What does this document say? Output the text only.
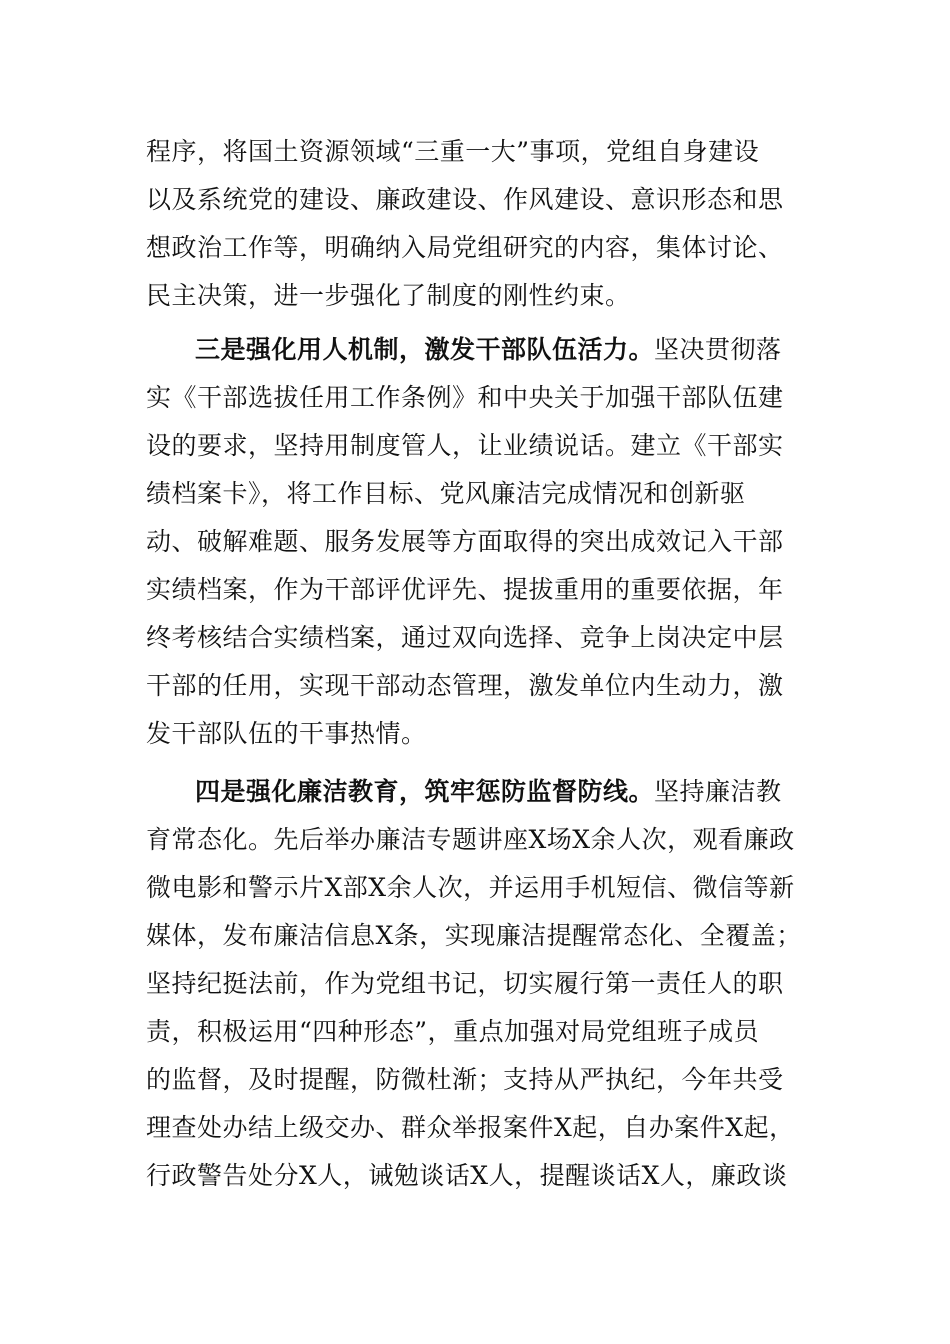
程序，将国土资源领域“三重一大”事项，党组自身建设
以及系统党的建设、廉政建设、作风建设、意识形态和思
想政治工作等，明确纳入局党组研究的内容，集体讨论、
民主决策，进一步强化了制度的刚性约束。
三是强化用人机制，激发干部队伍活力。坚决贯彻落
实《干部选拔任用工作条例》和中央关于加强干部队伍建
设的要求，坚持用制度管人，让业绩说话。建立《干部实
绩档案卡》，将工作目标、党风廉洁完成情况和创新驱
动、破解难题、服务发展等方面取得的突出成效记入干部
实绩档案，作为干部评优评先、提拔重用的重要依据，年
终考核结合实绩档案，通过双向选择、竞争上岗决定中层
干部的任用，实现干部动态管理，激发单位内生动力，激
发干部队伍的干事热情。
四是强化廉洁教育，筑牢惩防监督防线。坚持廉洁教
育常态化。先后举办廉洁专题讲座X场X余人次，观看廉政
微电影和警示片X部X余人次，并运用手机短信、微信等新
媒体，发布廉洁信息X条，实现廉洁提醒常态化、全覆盖；
坚持纪挺法前，作为党组书记，切实履行第一责任人的职
责，积极运用“四种形态”，重点加强对局党组班子成员
的监督，及时提醒，防微杜渐；支持从严执纪，今年共受
理查处办结上级交办、群众举报案件X起，自办案件X起，
行政警告处分X人，诫勉谈话X人，提醒谈话X人，廉政谈
